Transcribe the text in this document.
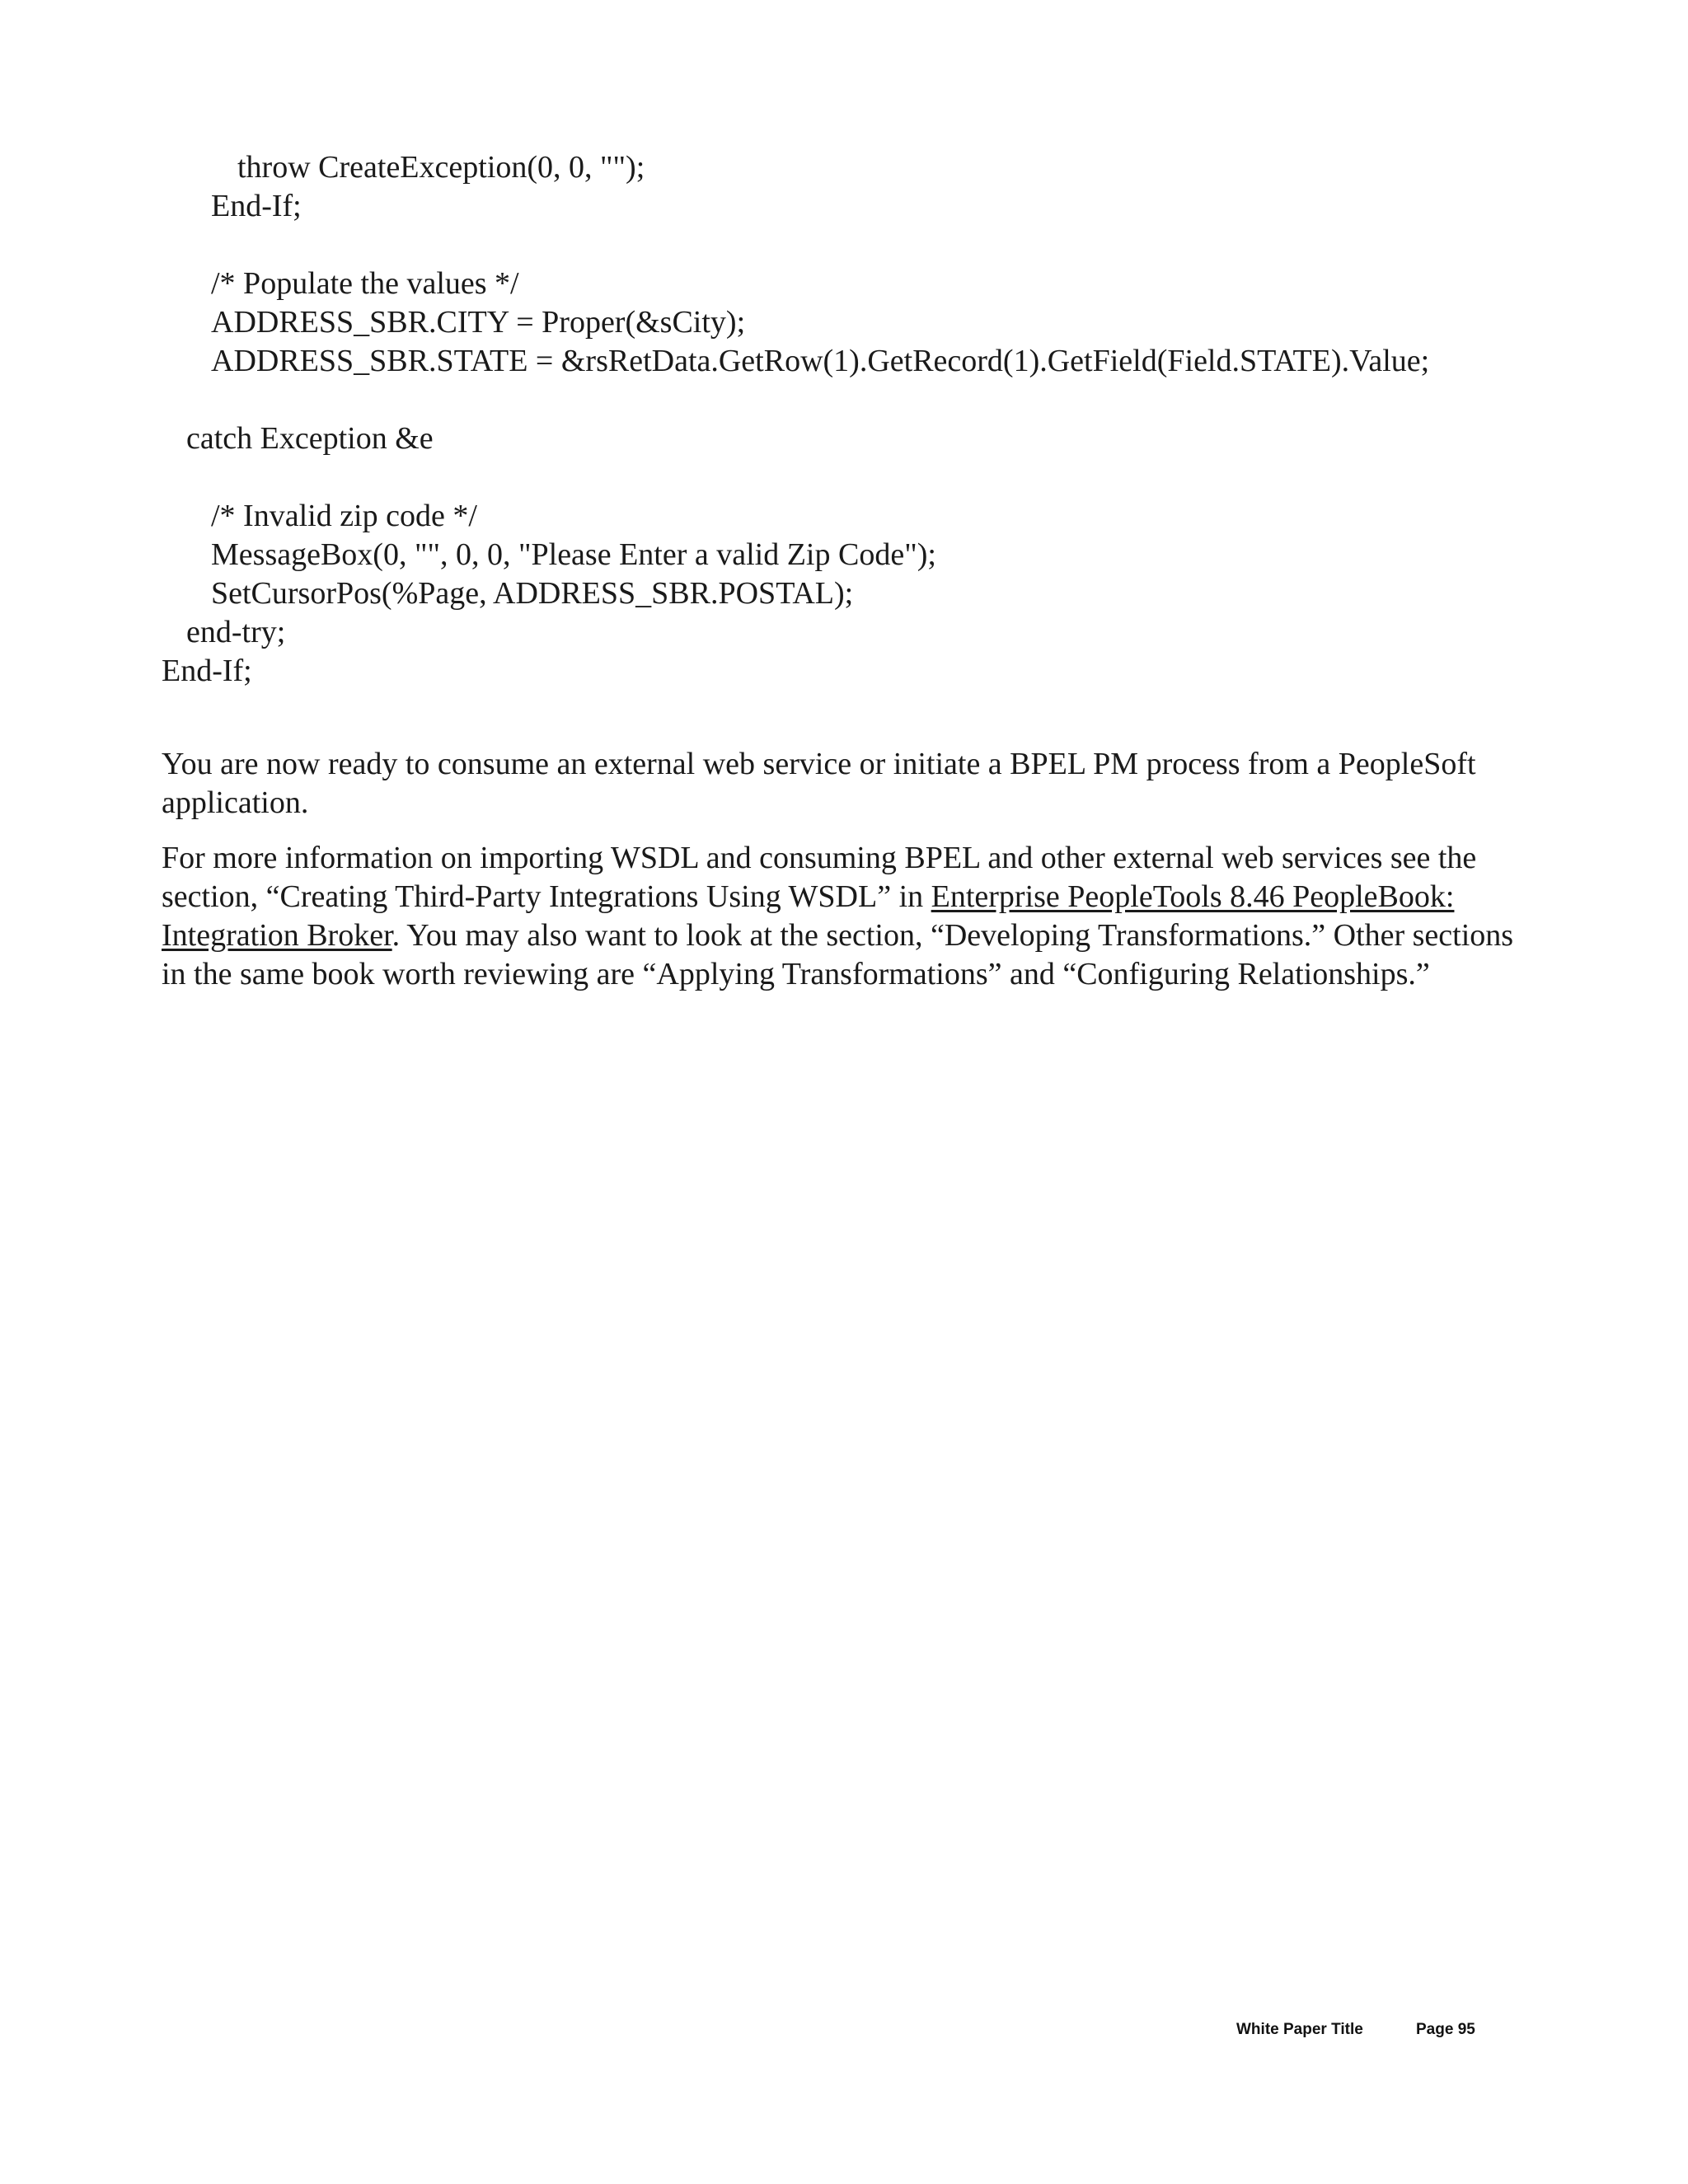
throw CreateException(0, 0, "");
End-If;
/* Populate the values */
ADDRESS_SBR.CITY = Proper(&sCity);
ADDRESS_SBR.STATE = &rsRetData.GetRow(1).GetRecord(1).GetField(Field.STATE).Value;
catch Exception &e
/* Invalid zip code */
MessageBox(0, "", 0, 0, "Please Enter a valid Zip Code");
SetCursorPos(%Page, ADDRESS_SBR.POSTAL);
end-try;
End-If;

You are now ready to consume an external web service or initiate a BPEL PM process from a PeopleSoft application.

For more information on importing WSDL and consuming BPEL and other external web services see the section, “Creating Third-Party Integrations Using WSDL” in Enterprise PeopleTools 8.46 PeopleBook: Integration Broker. You may also want to look at the section, “Developing Transformations.” Other sections in the same book worth reviewing are “Applying Transformations” and “Configuring Relationships.”

White Paper Title	Page 95
